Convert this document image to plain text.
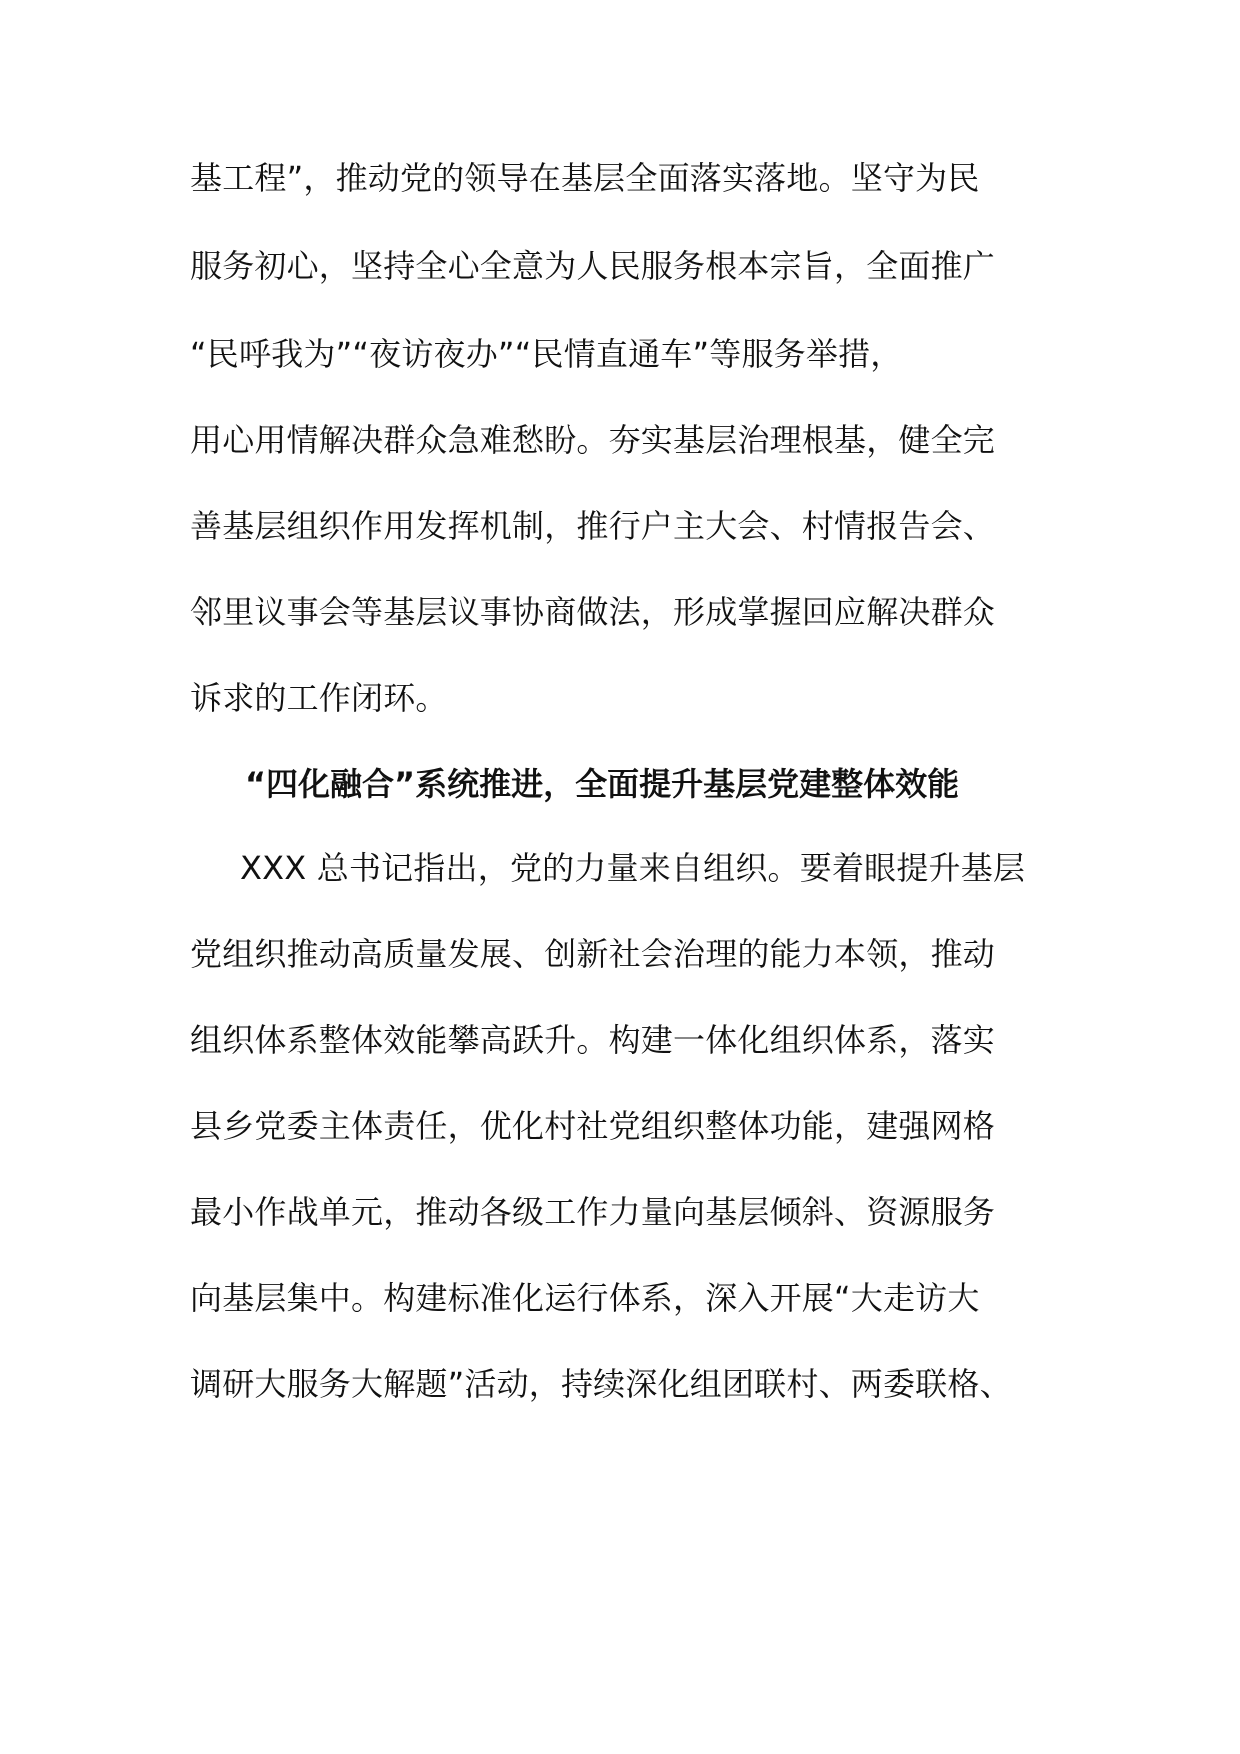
基工程”，推动党的领导在基层全面落实落地。坚守为民
服务初心，坚持全心全意为人民服务根本宗旨，全面推广
“民呼我为”“夜访夜办”“民情直通车”等服务举措，
用心用情解决群众急难愁盼。夯实基层治理根基，健全完
善基层组织作用发挥机制，推行户主大会、村情报告会、
邻里议事会等基层议事协商做法，形成掌握回应解决群众
诉求的工作闭环。
“四化融合”系统推进，全面提升基层党建整体效能
XXX 总书记指出，党的力量来自组织。要着眼提升基层
党组织推动高质量发展、创新社会治理的能力本领，推动
组织体系整体效能攀高跃升。构建一体化组织体系，落实
县乡党委主体责任，优化村社党组织整体功能，建强网格
最小作战单元，推动各级工作力量向基层倾斜、资源服务
向基层集中。构建标准化运行体系，深入开展“大走访大
调研大服务大解题”活动，持续深化组团联村、两委联格、
